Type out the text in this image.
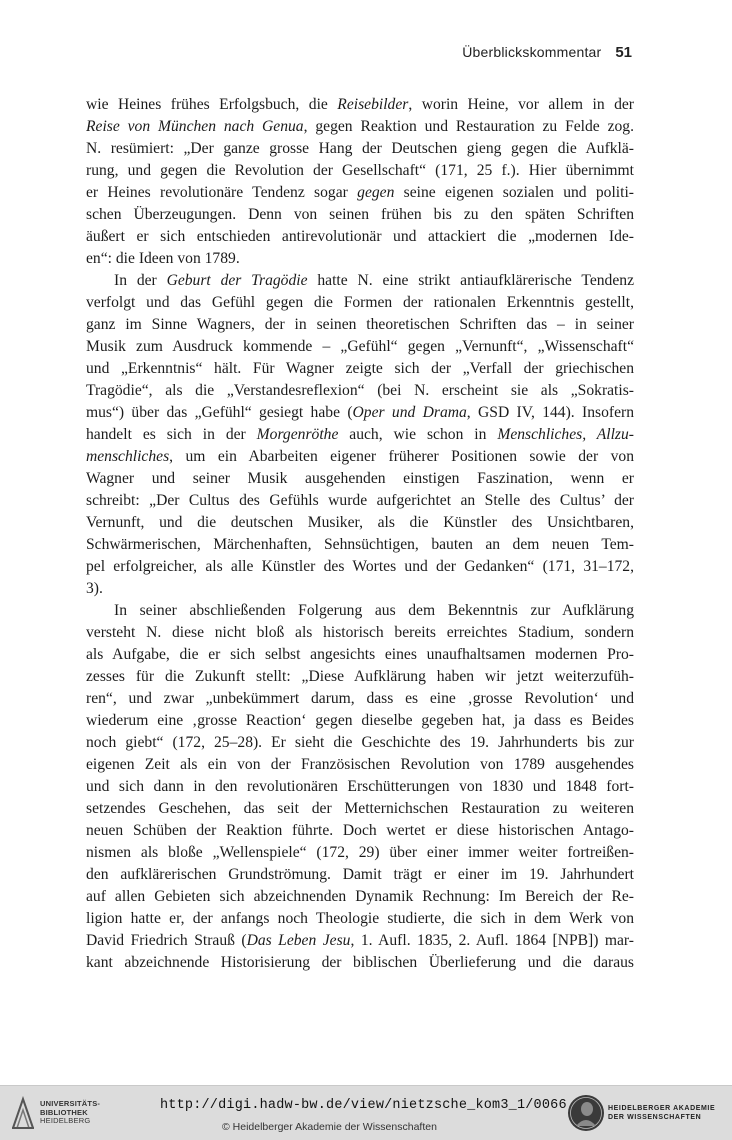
Überblickskommentar 51
wie Heines frühes Erfolgsbuch, die Reisebilder, worin Heine, vor allem in der
Reise von München nach Genua, gegen Reaktion und Restauration zu Felde zog.
N. resümiert: „Der ganze grosse Hang der Deutschen gieng gegen die Aufklä-
rung, und gegen die Revolution der Gesellschaft“ (171, 25 f.). Hier übernimmt
er Heines revolutionäre Tendenz sogar gegen seine eigenen sozialen und politi-
schen Überzeugungen. Denn von seinen frühen bis zu den späten Schriften
äußert er sich entschieden antirevolutionär und attackiert die „modernen Ide-
en“: die Ideen von 1789.
In der Geburt der Tragödie hatte N. eine strikt antiaufklärerische Tendenz
verfolgt und das Gefühl gegen die Formen der rationalen Erkenntnis gestellt,
ganz im Sinne Wagners, der in seinen theoretischen Schriften das – in seiner
Musik zum Ausdruck kommende – „Gefühl“ gegen „Vernunft“, „Wissenschaft“
und „Erkenntnis“ hält. Für Wagner zeigte sich der „Verfall der griechischen
Tragödie“, als die „Verstandesreflexion“ (bei N. erscheint sie als „Sokratis-
mus“) über das „Gefühl“ gesiegt habe (Oper und Drama, GSD IV, 144). Insofern
handelt es sich in der Morgenröthe auch, wie schon in Menschliches, Allzu-
menschliches, um ein Abarbeiten eigener früherer Positionen sowie der von
Wagner und seiner Musik ausgehenden einstigen Faszination, wenn er
schreibt: „Der Cultus des Gefühls wurde aufgerichtet an Stelle des Cultus’ der
Vernunft, und die deutschen Musiker, als die Künstler des Unsichtbaren,
Schwärmerischen, Märchenhaften, Sehnsüchtigen, bauten an dem neuen Tem-
pel erfolgreicher, als alle Künstler des Wortes und der Gedanken“ (171, 31–172,
3).
In seiner abschließenden Folgerung aus dem Bekenntnis zur Aufklärung
versteht N. diese nicht bloß als historisch bereits erreichtes Stadium, sondern
als Aufgabe, die er sich selbst angesichts eines unaufhaltsamen modernen Pro-
zesses für die Zukunft stellt: „Diese Aufklärung haben wir jetzt weiterzufüh-
ren“, und zwar „unbekümmert darum, dass es eine ‚grosse Revolution‘ und
wiederum eine ‚grosse Reaction‘ gegen dieselbe gegeben hat, ja dass es Beides
noch giebt“ (172, 25–28). Er sieht die Geschichte des 19. Jahrhunderts bis zur
eigenen Zeit als ein von der Französischen Revolution von 1789 ausgehendes
und sich dann in den revolutionären Erschütterungen von 1830 und 1848 fort-
setzendes Geschehen, das seit der Metternichschen Restauration zu weiteren
neuen Schüben der Reaktion führte. Doch wertet er diese historischen Antago-
nismen als bloße „Wellenspiele“ (172, 29) über einer immer weiter fortreißen-
den aufklärerischen Grundströmung. Damit trägt er einer im 19. Jahrhundert
auf allen Gebieten sich abzeichnenden Dynamik Rechnung: Im Bereich der Re-
ligion hatte er, der anfangs noch Theologie studierte, die sich in dem Werk von
David Friedrich Strauß (Das Leben Jesu, 1. Aufl. 1835, 2. Aufl. 1864 [NPB]) mar-
kant abzeichnende Historisierung der biblischen Überlieferung und die daraus
UNIVERSITÄTS-
BIBLIOTHEK
HEIDELBERG
http://digi.hadw-bw.de/view/nietzsche_kom3_1/0066
© Heidelberger Akademie der Wissenschaften
HEIDELBERGER AKADEMIE
DER WISSENSCHAFTEN
